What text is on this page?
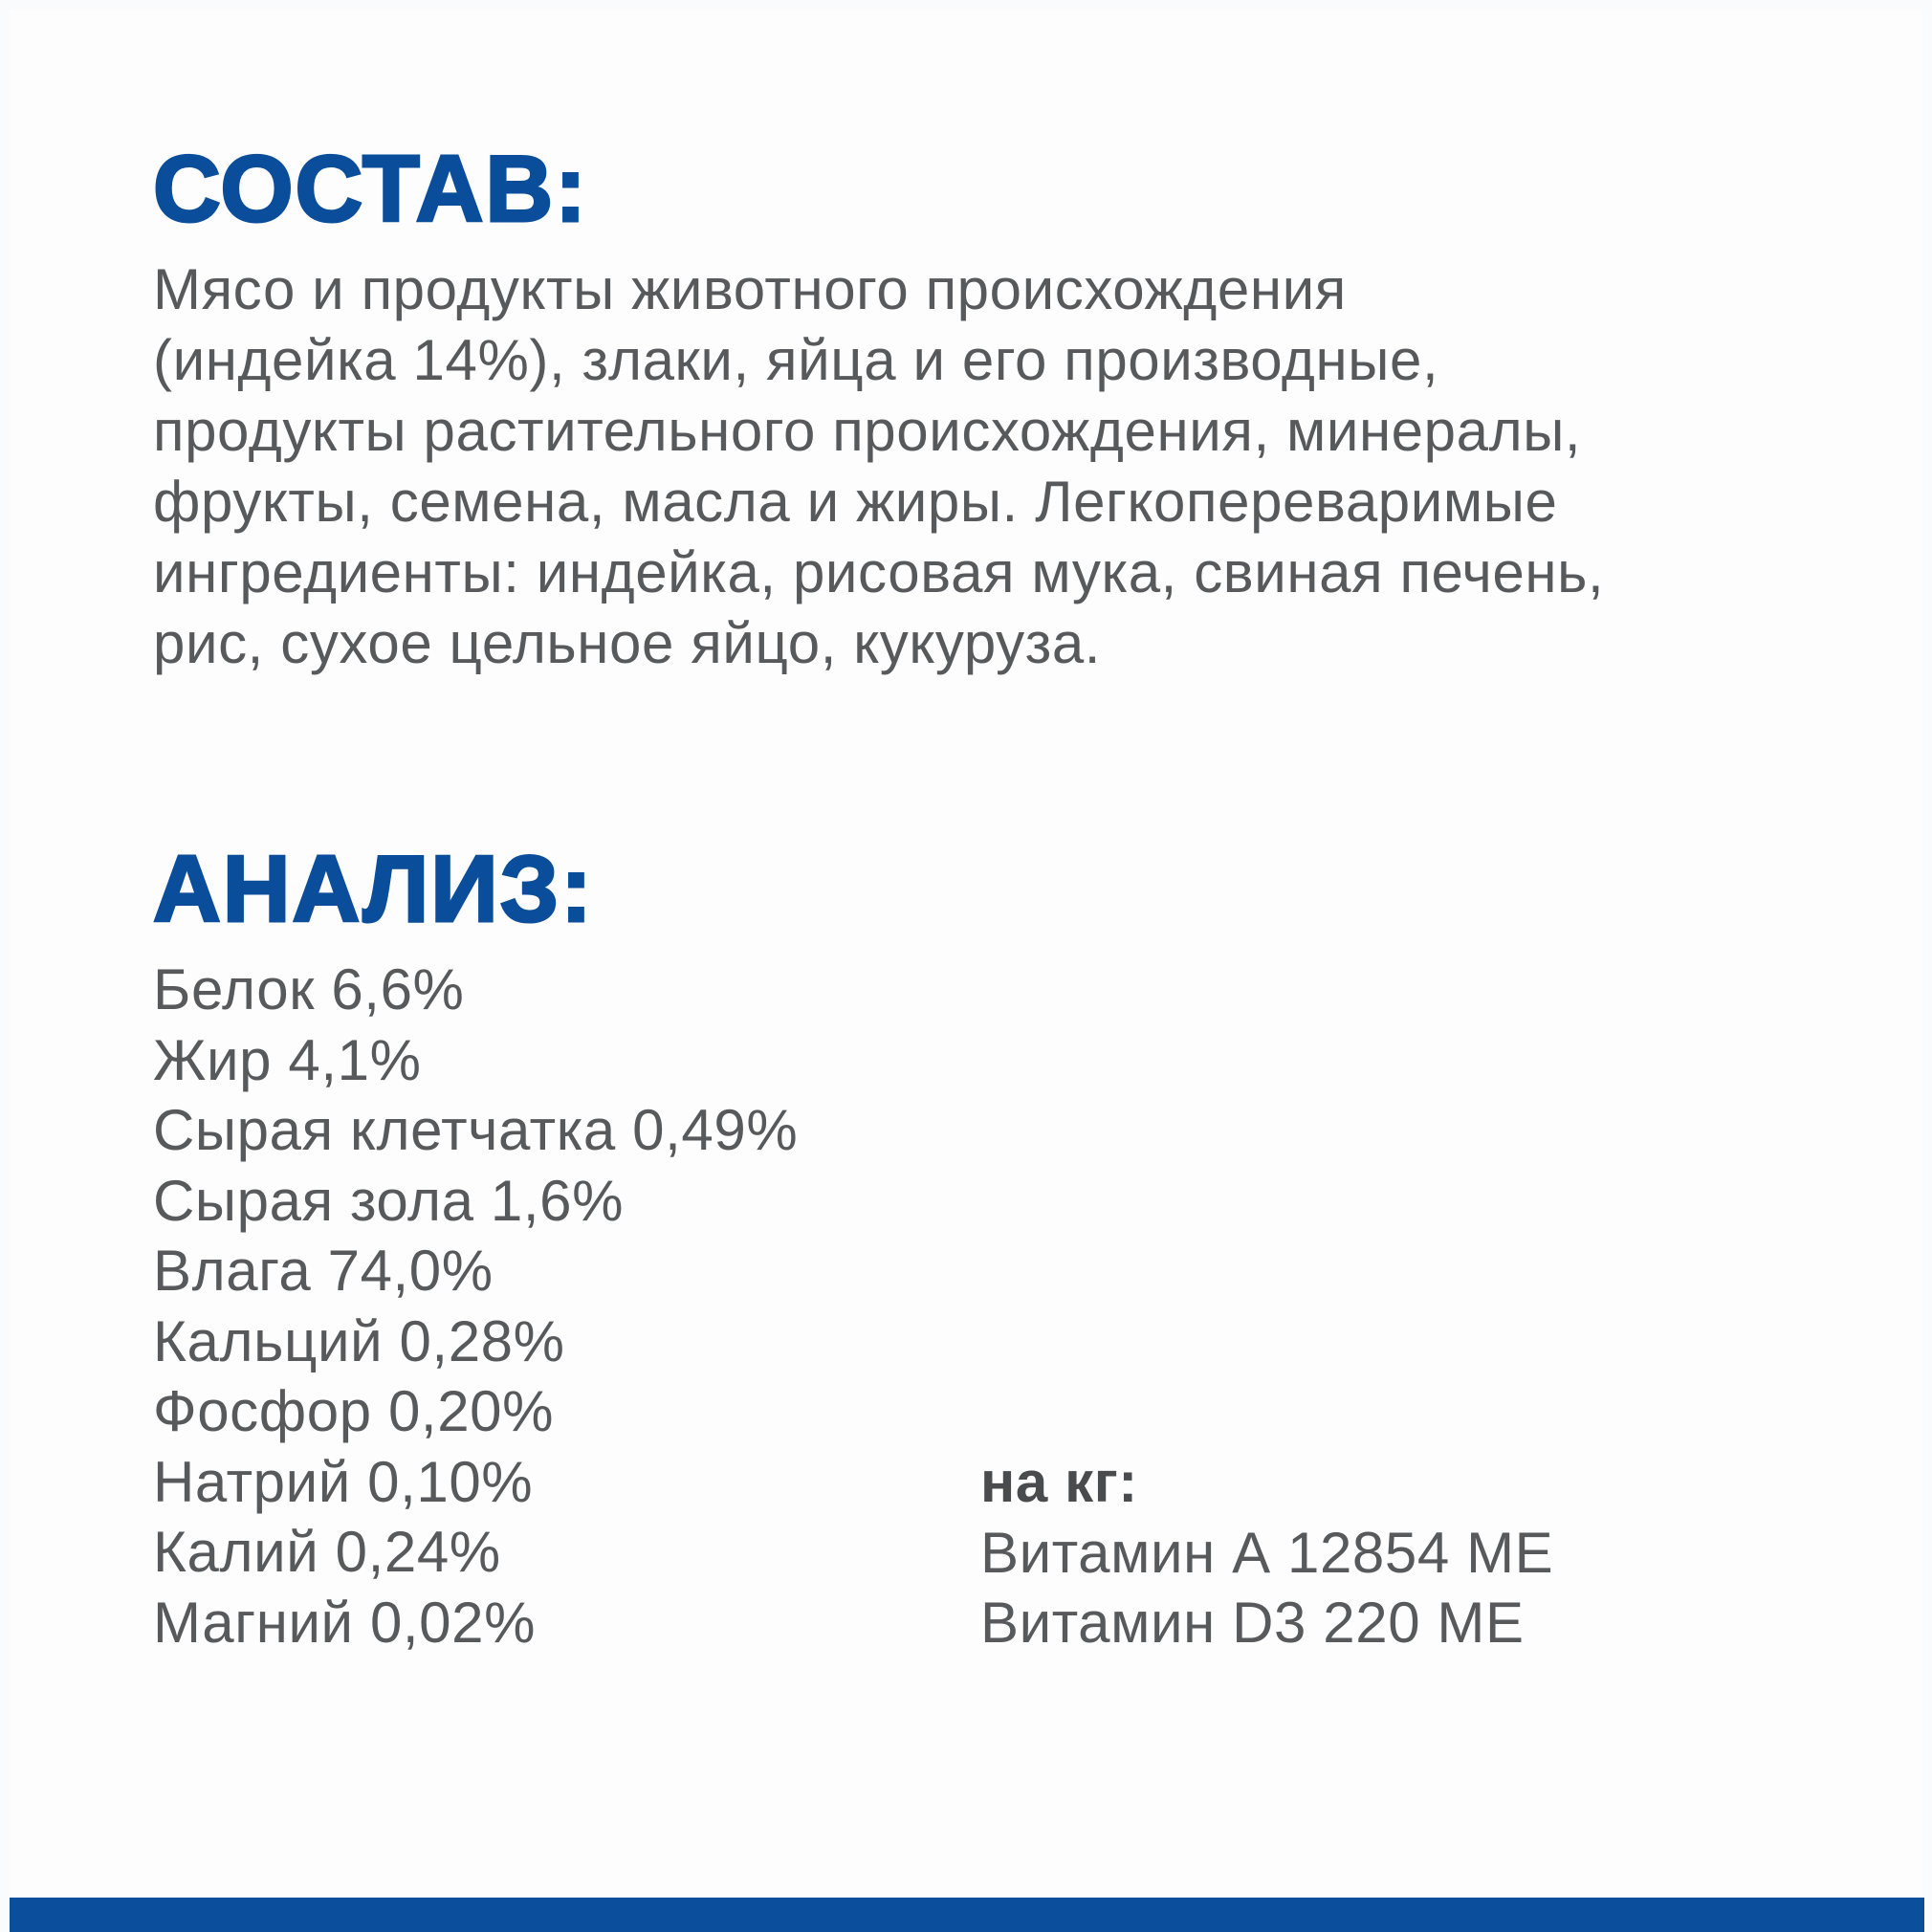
СОСТАВ:

Мясо и продукты животного происхождения
(индейка 14%), злаки, яйца и его производные,
продукты растительного происхождения, минералы,
фрукты, семена, масла и жиры. Легкопереваримые
ингредиенты: индейка, рисовая мука, свиная печень,
рис, сухое цельное яйцо, кукуруза.

АНАЛИЗ:
Белок 6,6%
Жир 4,1%
Сырая клетчатка 0,49%
Сырая зола 1,6%
Влага 74,0%
Кальций 0,28%
Фосфор 0,20%
Натрий 0,10%
Калий 0,24%
Магний 0,02%
на кг:
Витамин А 12854 МЕ
Витамин D3 220 МЕ
